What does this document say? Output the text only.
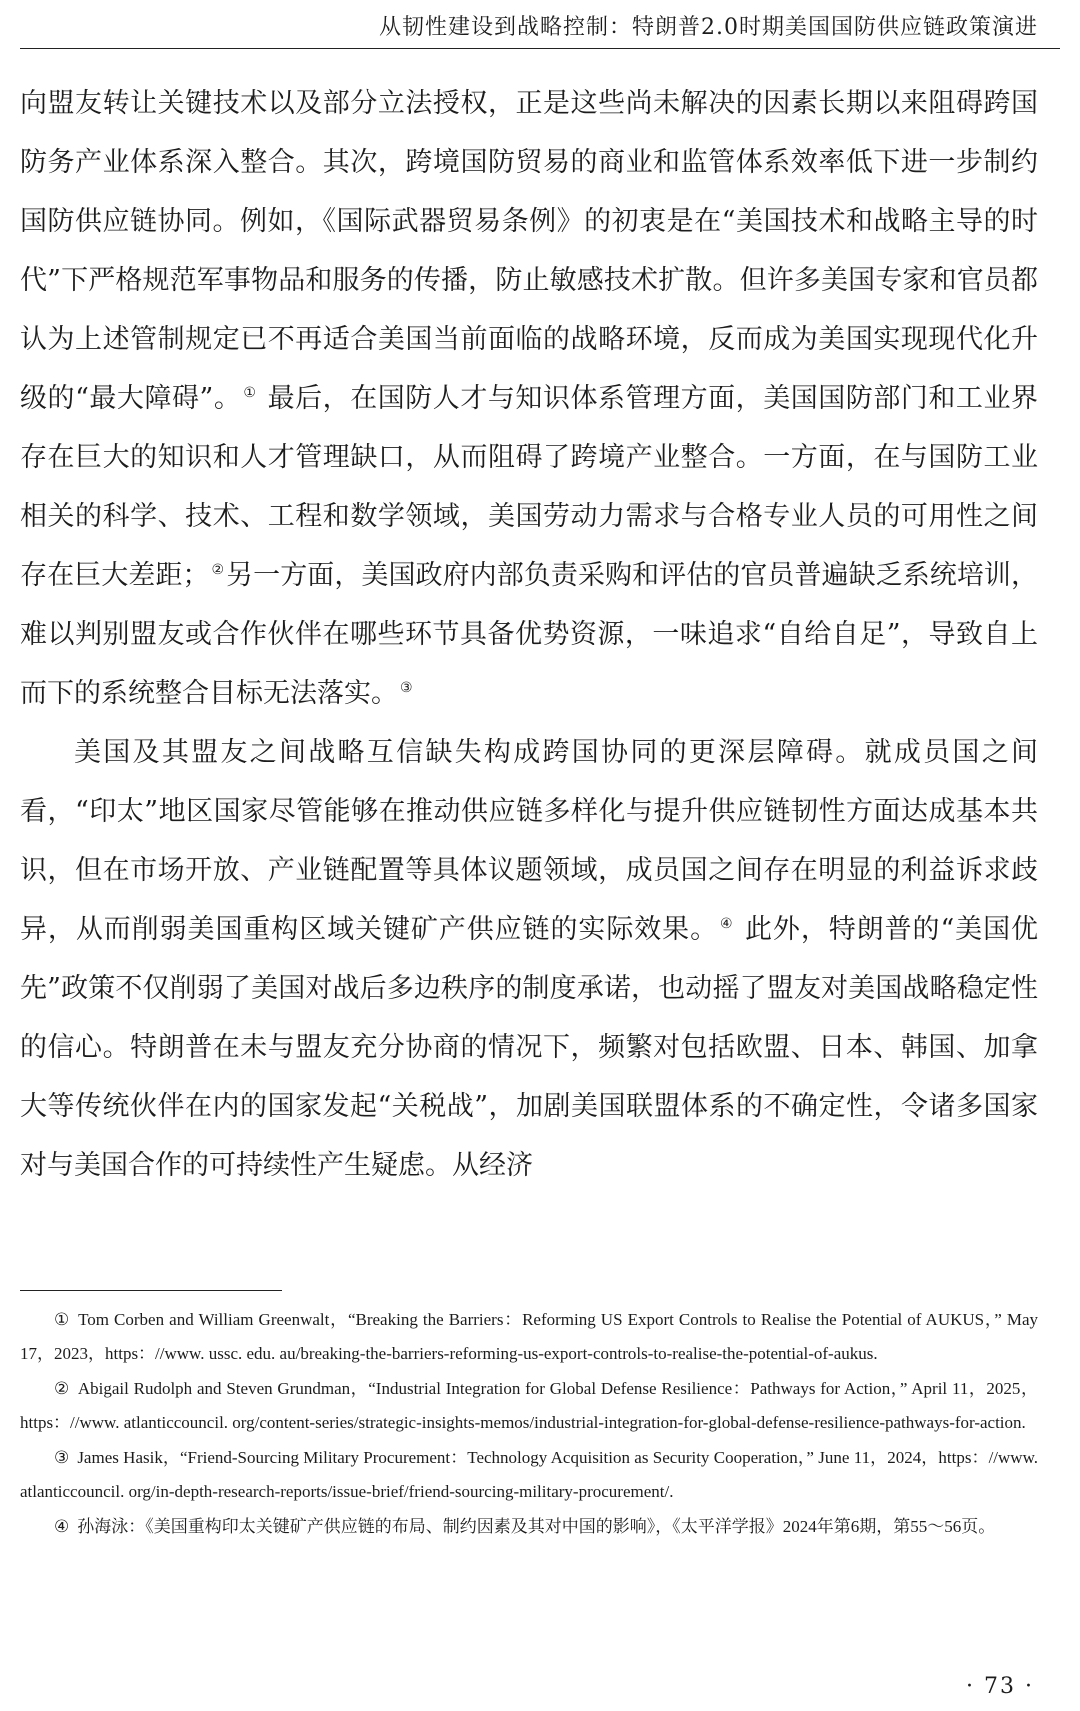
从韧性建设到战略控制：特朗普2.0时期美国国防供应链政策演进

向盟友转让关键技术以及部分立法授权，正是这些尚未解决的因素长期以来阻碍跨国防务产业体系深入整合。其次，跨境国防贸易的商业和监管体系效率低下进一步制约国防供应链协同。例如，《国际武器贸易条例》的初衷是在“美国技术和战略主导的时代”下严格规范军事物品和服务的传播，防止敏感技术扩散。但许多美国专家和官员都认为上述管制规定已不再适合美国当前面临的战略环境，反而成为美国实现现代化升级的“最大障碍”。 ① 最后，在国防人才与知识体系管理方面，美国国防部门和工业界存在巨大的知识和人才管理缺口，从而阻碍了跨境产业整合。一方面，在与国防工业相关的科学、技术、工程和数学领域，美国劳动力需求与合格专业人员的可用性之间存在巨大差距； ②另一方面，美国政府内部负责采购和评估的官员普遍缺乏系统培训，难以判别盟友或合作伙伴在哪些环节具备优势资源，一味追求“自给自足”，导致自上而下的系统整合目标无法落实。 ③

美国及其盟友之间战略互信缺失构成跨国协同的更深层障碍。就成员国之间看，“印太”地区国家尽管能够在推动供应链多样化与提升供应链韧性方面达成基本共识，但在市场开放、产业链配置等具体议题领域，成员国之间存在明显的利益诉求歧异，从而削弱美国重构区域关键矿产供应链的实际效果。 ④ 此外，特朗普的“美国优先”政策不仅削弱了美国对战后多边秩序的制度承诺，也动摇了盟友对美国战略稳定性的信心。特朗普在未与盟友充分协商的情况下，频繁对包括欧盟、日本、韩国、加拿大等传统伙伴在内的国家发起“关税战”，加剧美国联盟体系的不确定性，令诸多国家对与美国合作的可持续性产生疑虑。从经济

① Tom Corben and William Greenwalt，“Breaking the Barriers：Reforming US Export Controls to Realise the Potential of AUKUS，” May 17，2023，https：//www. ussc. edu. au/breaking-the-barriers-reforming-us-export-controls-to-realise-the-potential-of-aukus.
② Abigail Rudolph and Steven Grundman，“Industrial Integration for Global Defense Resilience：Pathways for Action，” April 11，2025，https：//www. atlanticcouncil. org/content-series/strategic-insights-memos/industrial-integration-for-global-defense-resilience-pathways-for-action.
③ James Hasik，“Friend-Sourcing Military Procurement：Technology Acquisition as Security Cooperation，” June 11，2024，https：//www. atlanticcouncil. org/in-depth-research-reports/issue-brief/friend-sourcing-military-procurement/.
④ 孙海泳：《美国重构印太关键矿产供应链的布局、制约因素及其对中国的影响》，《太平洋学报》2024年第6期，第55～56页。
· 73 ·
